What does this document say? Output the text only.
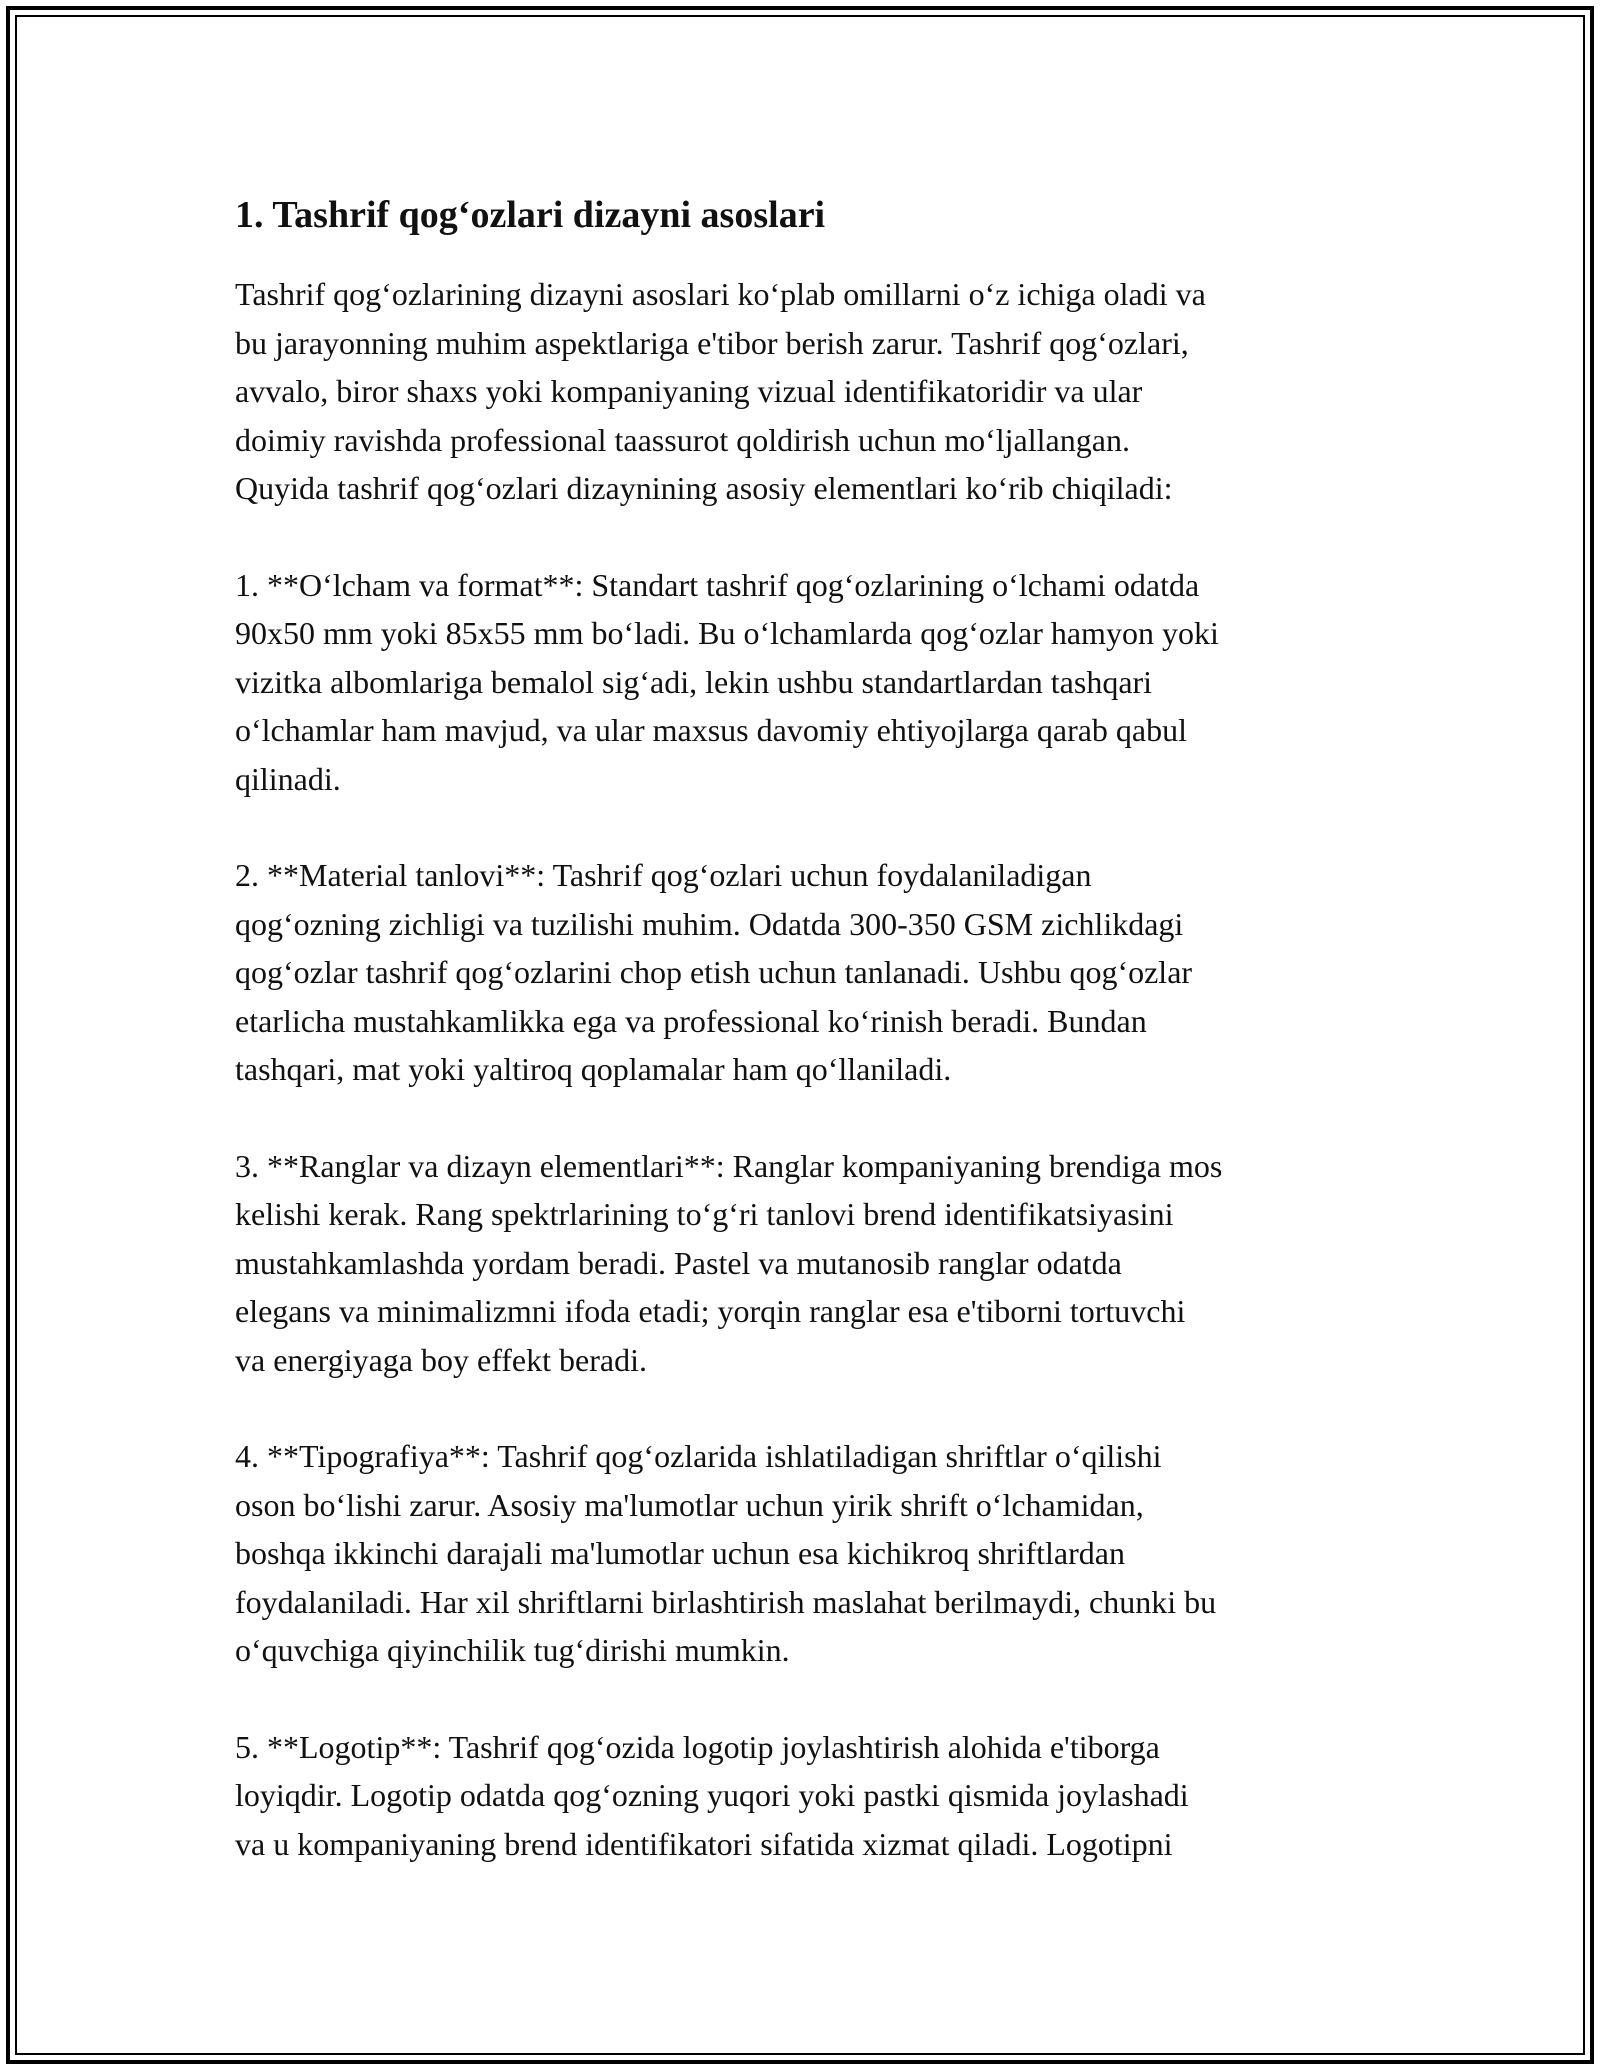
1. Tashrif qog‘ozlari dizayni asoslari

Tashrif qog‘ozlarining dizayni asoslari ko‘plab omillarni o‘z ichiga oladi va
bu jarayonning muhim aspektlariga e'tibor berish zarur. Tashrif qog‘ozlari,
avvalo, biror shaxs yoki kompaniyaning vizual identifikatoridir va ular
doimiy ravishda professional taassurot qoldirish uchun mo‘ljallangan.
Quyida tashrif qog‘ozlari dizaynining asosiy elementlari ko‘rib chiqiladi:

1. **O‘lcham va format**: Standart tashrif qog‘ozlarining o‘lchami odatda
90x50 mm yoki 85x55 mm bo‘ladi. Bu o‘lchamlarda qog‘ozlar hamyon yoki
vizitka albomlariga bemalol sig‘adi, lekin ushbu standartlardan tashqari
o‘lchamlar ham mavjud, va ular maxsus davomiy ehtiyojlarga qarab qabul
qilinadi.

2. **Material tanlovi**: Tashrif qog‘ozlari uchun foydalaniladigan
qog‘ozning zichligi va tuzilishi muhim. Odatda 300-350 GSM zichlikdagi
qog‘ozlar tashrif qog‘ozlarini chop etish uchun tanlanadi. Ushbu qog‘ozlar
etarlicha mustahkamlikka ega va professional ko‘rinish beradi. Bundan
tashqari, mat yoki yaltiroq qoplamalar ham qo‘llaniladi.

3. **Ranglar va dizayn elementlari**: Ranglar kompaniyaning brendiga mos
kelishi kerak. Rang spektrlarining to‘g‘ri tanlovi brend identifikatsiyasini
mustahkamlashda yordam beradi. Pastel va mutanosib ranglar odatda
elegans va minimalizmni ifoda etadi; yorqin ranglar esa e'tiborni tortuvchi
va energiyaga boy effekt beradi.

4. **Tipografiya**: Tashrif qog‘ozlarida ishlatiladigan shriftlar o‘qilishi
oson bo‘lishi zarur. Asosiy ma'lumotlar uchun yirik shrift o‘lchamidan,
boshqa ikkinchi darajali ma'lumotlar uchun esa kichikroq shriftlardan
foydalaniladi. Har xil shriftlarni birlashtirish maslahat berilmaydi, chunki bu
o‘quvchiga qiyinchilik tug‘dirishi mumkin.

5. **Logotip**: Tashrif qog‘ozida logotip joylashtirish alohida e'tiborga
loyiqdir. Logotip odatda qog‘ozning yuqori yoki pastki qismida joylashadi
va u kompaniyaning brend identifikatori sifatida xizmat qiladi. Logotipni
